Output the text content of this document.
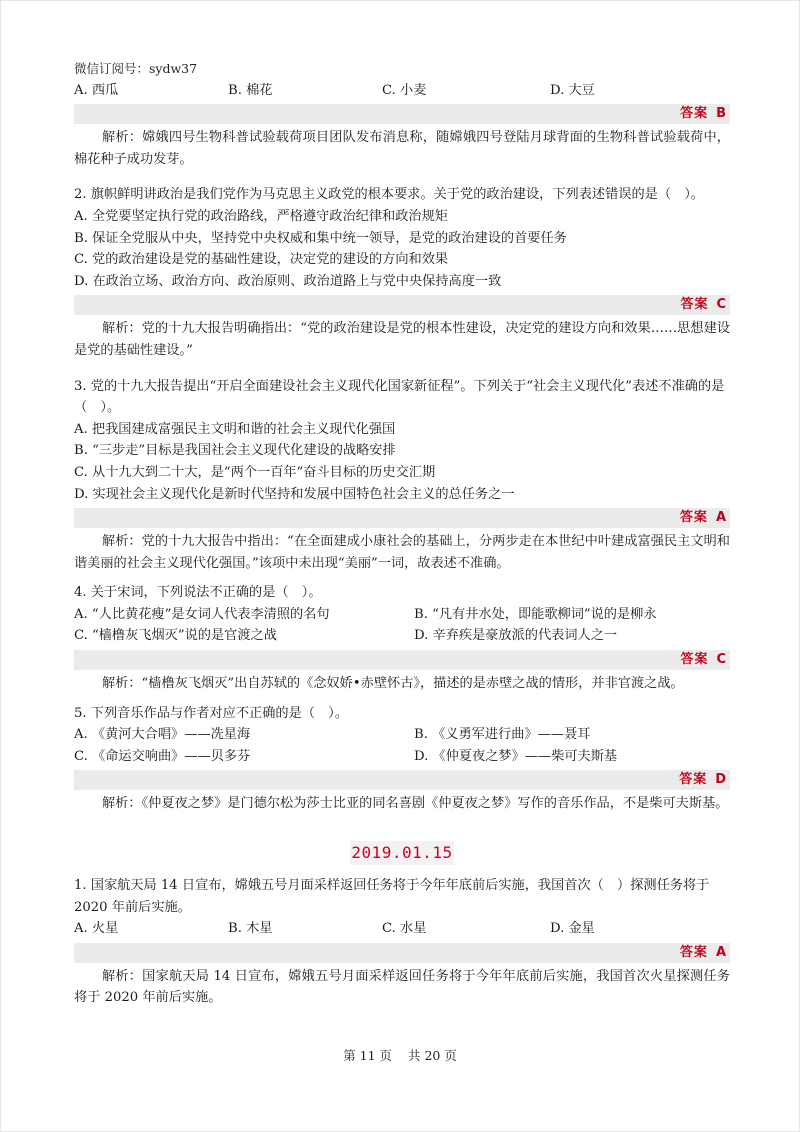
微信订阅号：sydw37
A. 西瓜	B. 棉花	C. 小麦	D. 大豆
答案 B
解析：嫦娥四号生物科普试验载荷项目团队发布消息称，随嫦娥四号登陆月球背面的生物科普试验载荷中，棉花种子成功发芽。
2. 旗帜鲜明讲政治是我们党作为马克思主义政党的根本要求。关于党的政治建设，下列表述错误的是（　）。
A. 全党要坚定执行党的政治路线，严格遵守政治纪律和政治规矩
B. 保证全党服从中央，坚持党中央权威和集中统一领导，是党的政治建设的首要任务
C. 党的政治建设是党的基础性建设，决定党的建设的方向和效果
D. 在政治立场、政治方向、政治原则、政治道路上与党中央保持高度一致
答案 C
解析：党的十九大报告明确指出：“党的政治建设是党的根本性建设，决定党的建设方向和效果……思想建设是党的基础性建设。”
3. 党的十九大报告提出“开启全面建设社会主义现代化国家新征程”。下列关于“社会主义现代化”表述不准确的是（　）。
A. 把我国建成富强民主文明和谐的社会主义现代化强国
B. “三步走”目标是我国社会主义现代化建设的战略安排
C. 从十九大到二十大，是“两个一百年”奋斗目标的历史交汇期
D. 实现社会主义现代化是新时代坚持和发展中国特色社会主义的总任务之一
答案 A
解析：党的十九大报告中指出：“在全面建成小康社会的基础上，分两步走在本世纪中叶建成富强民主文明和谐美丽的社会主义现代化强国。”该项中未出现“美丽”一词，故表述不准确。
4. 关于宋词，下列说法不正确的是（　）。
A. “人比黄花瘦”是女词人代表李清照的名句	B. “凡有井水处，即能歌柳词”说的是柳永
C. “樯橹灰飞烟灭”说的是官渡之战	D. 辛弃疾是豪放派的代表词人之一
答案 C
解析：“樯橹灰飞烟灭”出自苏轼的《念奴娇•赤壁怀古》，描述的是赤壁之战的情形，并非官渡之战。
5. 下列音乐作品与作者对应不正确的是（　）。
A. 《黄河大合唱》——冼星海	B. 《义勇军进行曲》——聂耳
C. 《命运交响曲》——贝多芬	D. 《仲夏夜之梦》——柴可夫斯基
答案 D
解析：《仲夏夜之梦》是门德尔松为莎士比亚的同名喜剧《仲夏夜之梦》写作的音乐作品，不是柴可夫斯基。
2019.01.15
1. 国家航天局 14 日宣布，嫦娥五号月面采样返回任务将于今年年底前后实施，我国首次（　）探测任务将于 2020 年前后实施。
A. 火星	B. 木星	C. 水星	D. 金星
答案 A
解析：国家航天局 14 日宣布，嫦娥五号月面采样返回任务将于今年年底前后实施，我国首次火星探测任务将于 2020 年前后实施。
第 11 页 共 20 页
